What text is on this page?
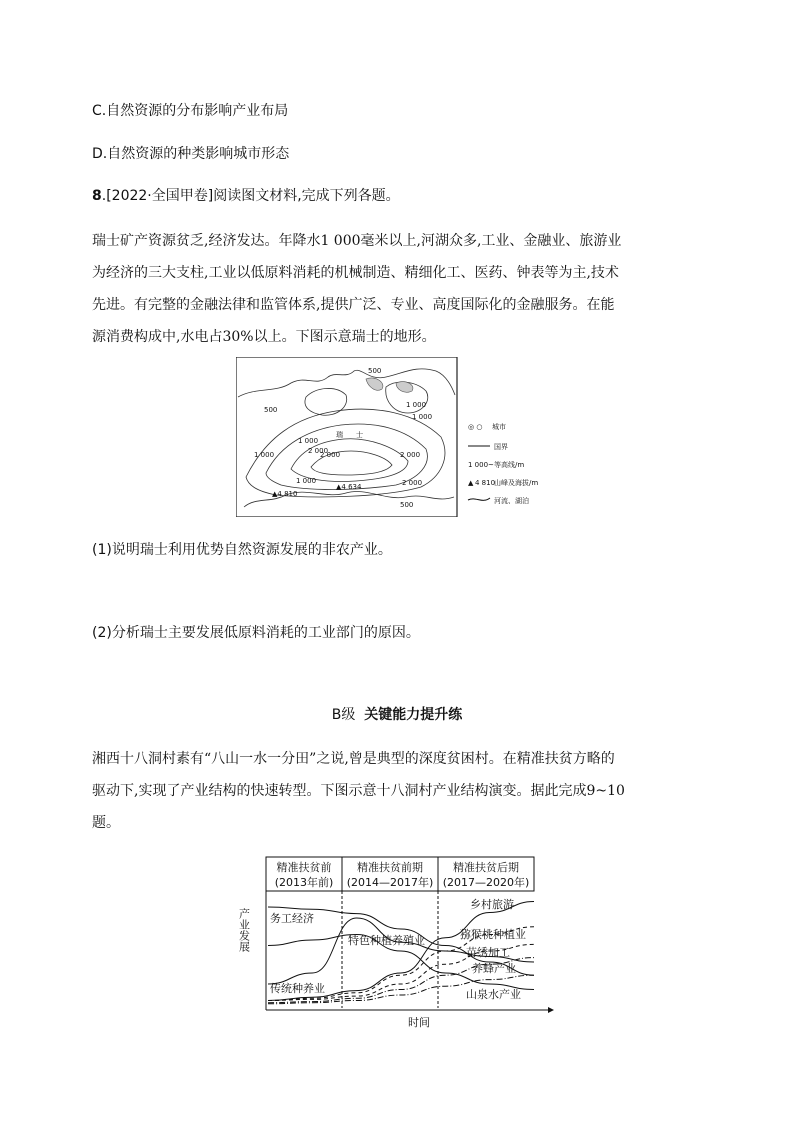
C.自然资源的分布影响产业布局
D.自然资源的种类影响城市形态
8.[2022·全国甲卷]阅读图文材料,完成下列各题。
瑞士矿产资源贫乏,经济发达。年降水1 000毫米以上,河湖众多,工业、金融业、旅游业
为经济的三大支柱,工业以低原料消耗的机械制造、精细化工、医药、钟表等为主,技术
先进。有完整的金融法律和监管体系,提供广泛、专业、高度国际化的金融服务。在能
源消费构成中,水电占30%以上。下图示意瑞士的地形。
500
500
1 000
1 000	2 000
1 000
2 000
1 000
2 000
500
1 000
2 000
▲4 810
▲4 634
瑞 士
◎ ○ 城市
国界
1 000~ 等高线/m
▲ 4 810
山峰及海拔/m
河流、湖泊
(1)说明瑞士利用优势自然资源发展的非农产业。
(2)分析瑞士主要发展低原料消耗的工业部门的原因。
B级 关键能力提升练
湘西十八洞村素有“八山一水一分田”之说,曾是典型的深度贫困村。在精准扶贫方略的
驱动下,实现了产业结构的快速转型。下图示意十八洞村产业结构演变。据此完成9~10
题。
精准扶贫前
(2013年前)
精准扶贫前期
(2014—2017年)
精准扶贫后期
(2017—2020年)
产业发展
时间
务工经济
传统种养业
特色种植养殖业
乡村旅游
猕猴桃种植业
苗绣加工
养蜂产业
山泉水产业
